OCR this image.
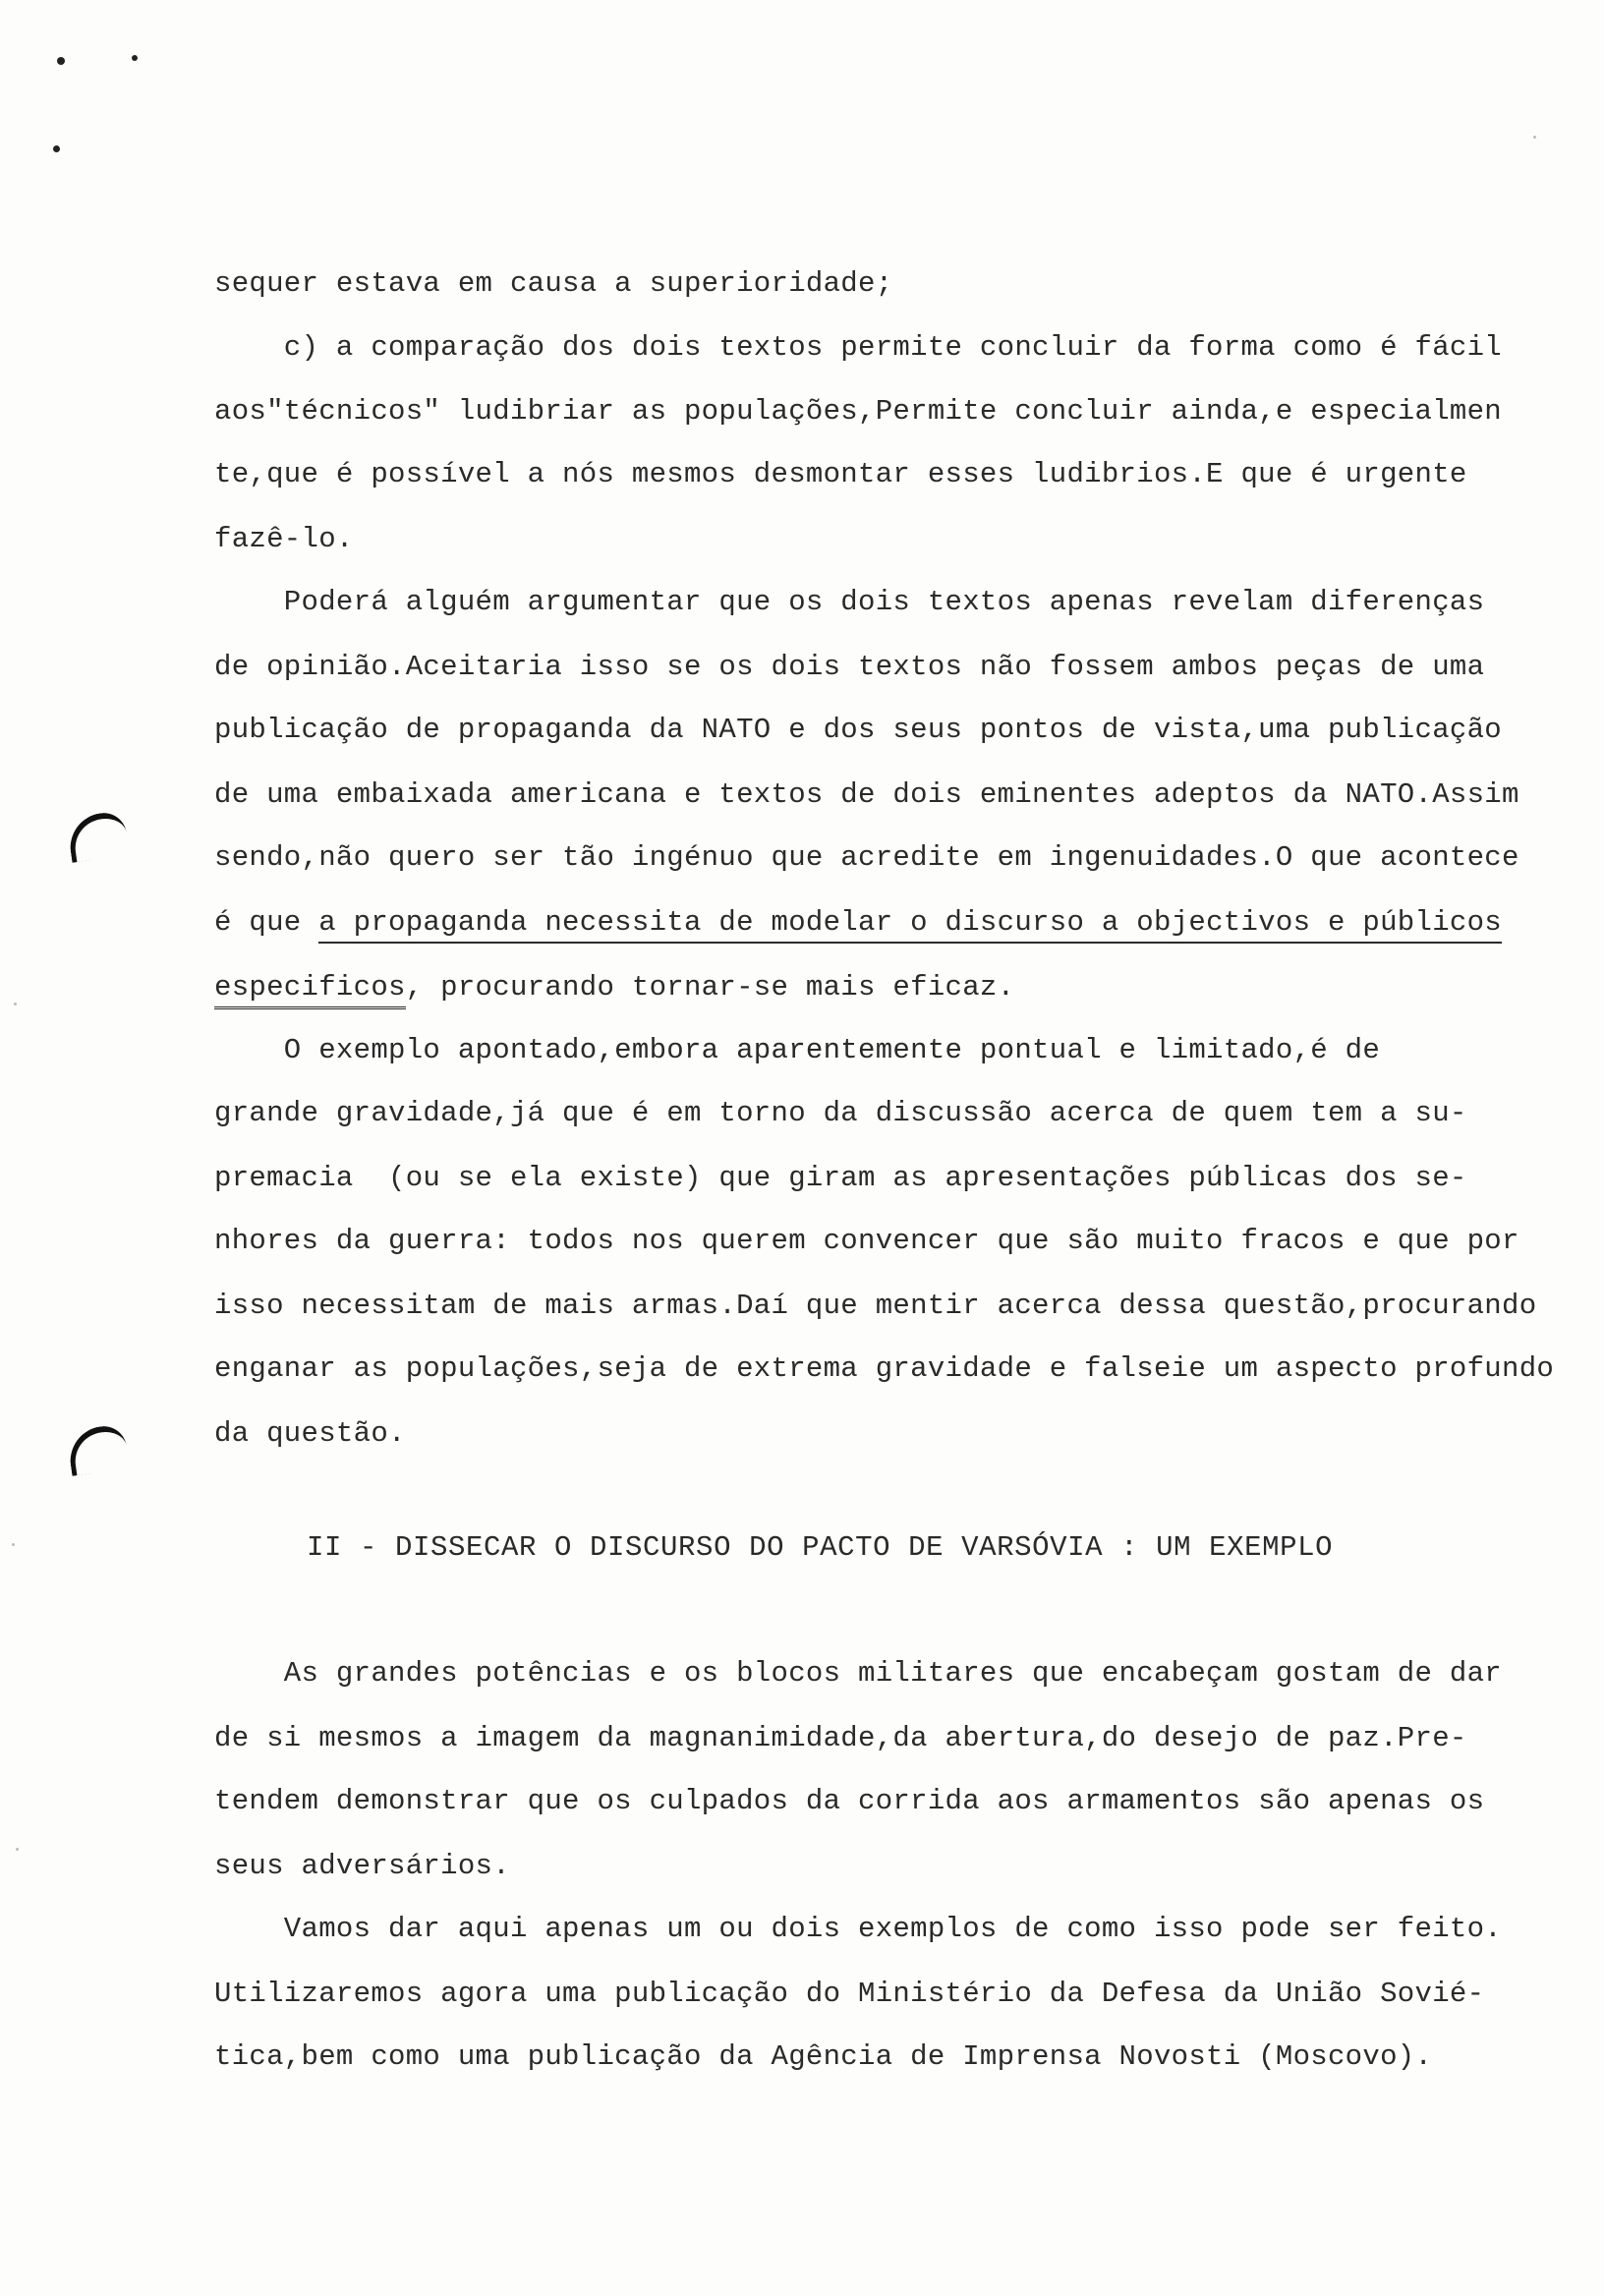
sequer estava em causa a superioridade;
c) a comparação dos dois textos permite concluir da forma como é fácil
aos"técnicos" ludibriar as populações,Permite concluir ainda,e especialmen
te,que é possível a nós mesmos desmontar esses ludibrios.E que é urgente
fazê-lo.
Poderá alguém argumentar que os dois textos apenas revelam diferenças
de opinião.Aceitaria isso se os dois textos não fossem ambos peças de uma
publicação de propaganda da NATO e dos seus pontos de vista,uma publicação
de uma embaixada americana e textos de dois eminentes adeptos da NATO.Assim
sendo,não quero ser tão ingénuo que acredite em ingenuidades.O que acontece
é que a propaganda necessita de modelar o discurso a objectivos e públicos
especificos, procurando tornar-se mais eficaz.
O exemplo apontado,embora aparentemente pontual e limitado,é de
grande gravidade,já que é em torno da discussão acerca de quem tem a su-
premacia  (ou se ela existe) que giram as apresentações públicas dos se-
nhores da guerra: todos nos querem convencer que são muito fracos e que por
isso necessitam de mais armas.Daí que mentir acerca dessa questão,procurando
enganar as populações,seja de extrema gravidade e falseie um aspecto profundo
da questão.
II - DISSECAR O DISCURSO DO PACTO DE VARSÓVIA : UM EXEMPLO
As grandes potências e os blocos militares que encabeçam gostam de dar
de si mesmos a imagem da magnanimidade,da abertura,do desejo de paz.Pre-
tendem demonstrar que os culpados da corrida aos armamentos são apenas os
seus adversários.
Vamos dar aqui apenas um ou dois exemplos de como isso pode ser feito.
Utilizaremos agora uma publicação do Ministério da Defesa da União Sovié-
tica,bem como uma publicação da Agência de Imprensa Novosti (Moscovo).
